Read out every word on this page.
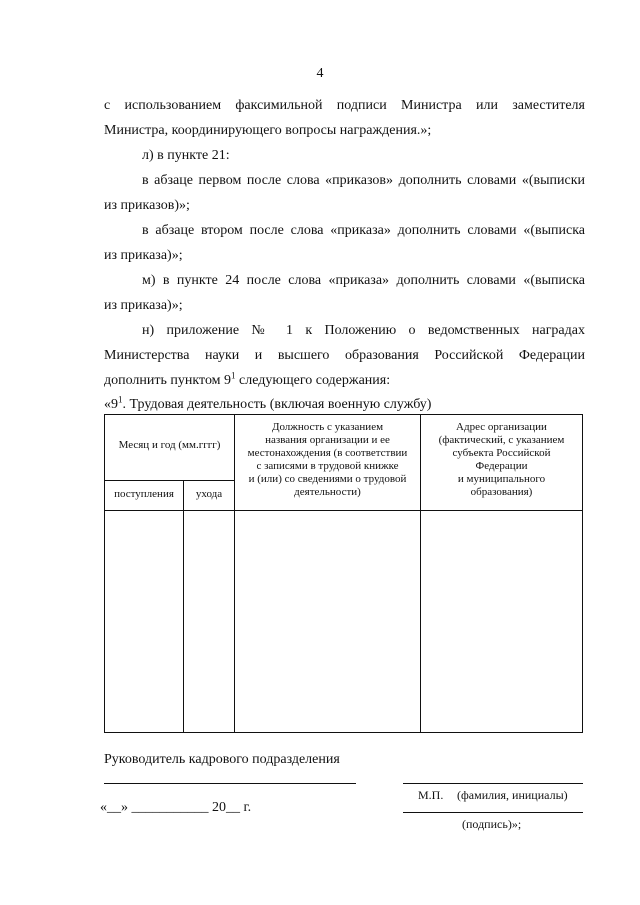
4
с использованием факсимильной подписи Министра или заместителя
Министра, координирующего вопросы награждения.»;
л) в пункте 21:
в абзаце первом после слова «приказов» дополнить словами «(выписки
из приказов)»;
в абзаце втором после слова «приказа» дополнить словами «(выписка
из приказа)»;
м) в пункте 24 после слова «приказа» дополнить словами «(выписка
из приказа)»;
н) приложение № 1 к Положению о ведомственных наградах
Министерства науки и высшего образования Российской Федерации
дополнить пунктом $9^1$ следующего содержания:
«$9^1$. Трудовая деятельность (включая военную службу)
Месяц и год (мм.гггг)
поступления	ухода
Должность с указанием
названия организации и ее
местонахождения (в соответствии
с записями в трудовой книжке
и (или) со сведениями о трудовой
деятельности)
Адрес организации
(фактический, с указанием
субъекта Российской
Федерации
и муниципального
образования)
Руководитель кадрового подразделения
М.П. (фамилия, инициалы)
«__» ___________ 20__ г.
(подпись)»;
